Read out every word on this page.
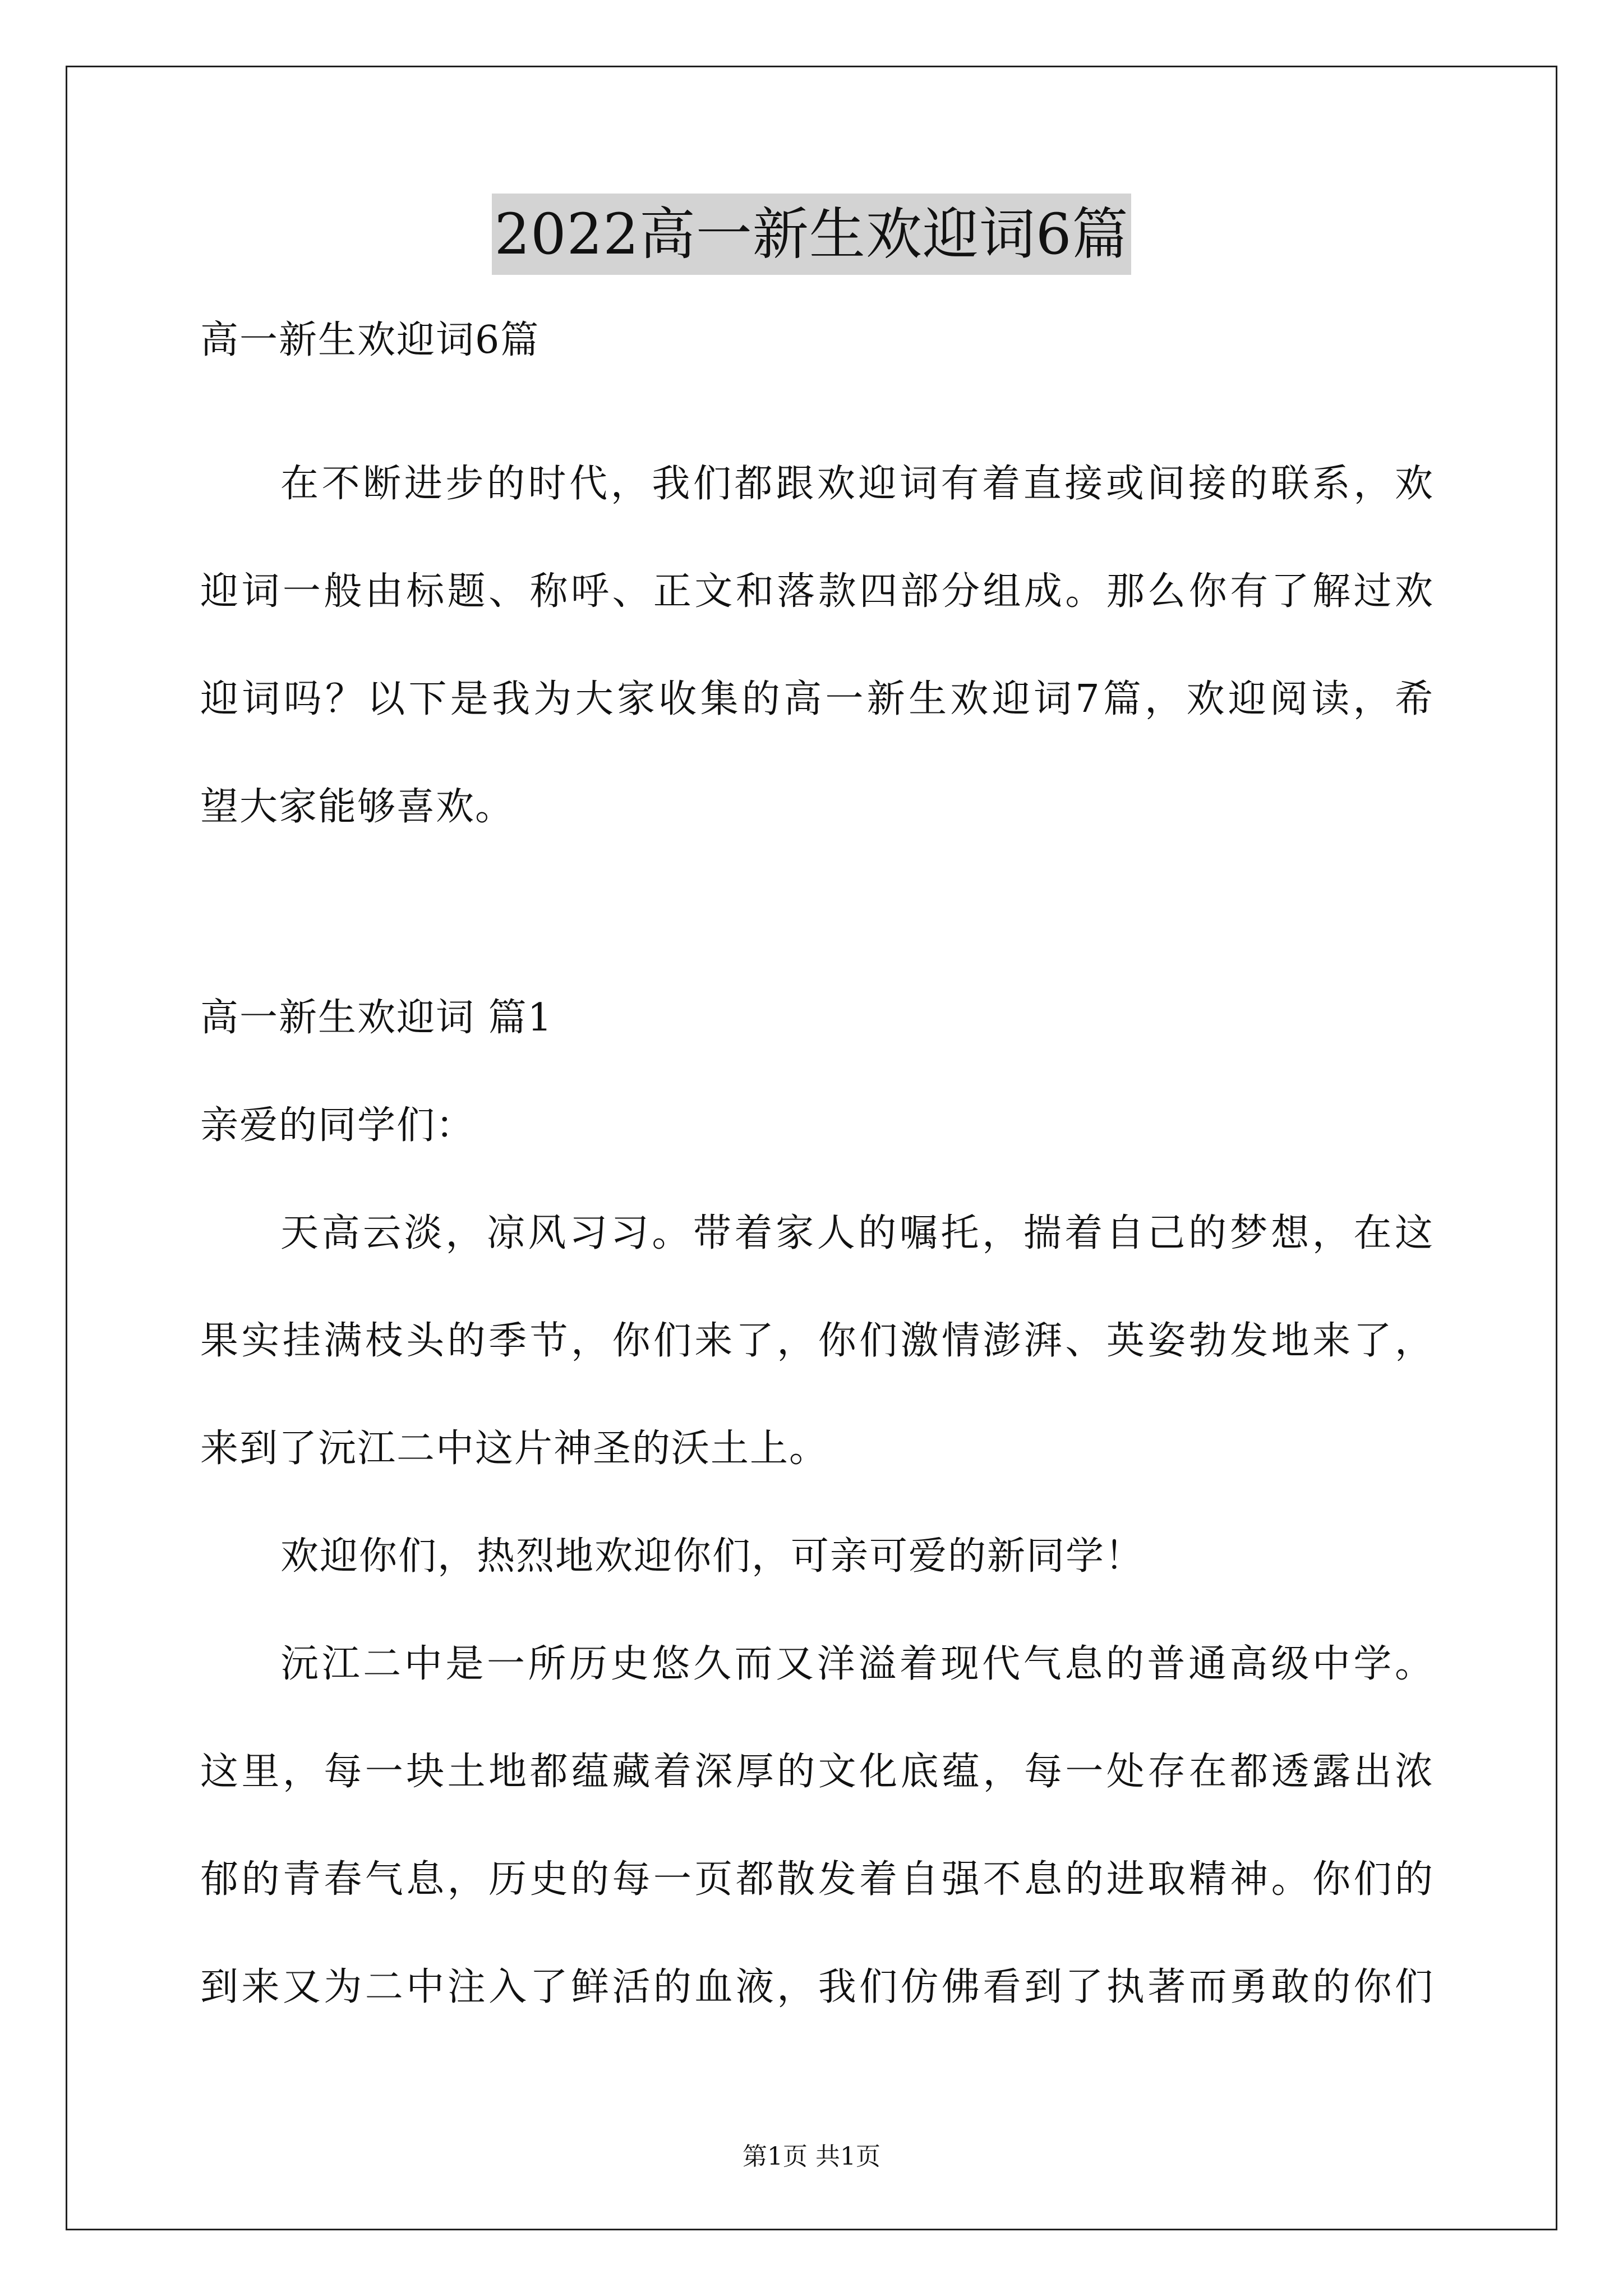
2022高一新生欢迎词6篇
高一新生欢迎词6篇
在不断进步的时代，我们都跟欢迎词有着直接或间接的联系，欢
迎词一般由标题、称呼、正文和落款四部分组成。那么你有了解过欢
迎词吗？以下是我为大家收集的高一新生欢迎词7篇，欢迎阅读，希
望大家能够喜欢。
高一新生欢迎词 篇1
亲爱的同学们：
天高云淡，凉风习习。带着家人的嘱托，揣着自己的梦想，在这
果实挂满枝头的季节，你们来了，你们激情澎湃、英姿勃发地来了，
来到了沅江二中这片神圣的沃土上。
欢迎你们，热烈地欢迎你们，可亲可爱的新同学！
沅江二中是一所历史悠久而又洋溢着现代气息的普通高级中学。
这里，每一块土地都蕴藏着深厚的文化底蕴，每一处存在都透露出浓
郁的青春气息，历史的每一页都散发着自强不息的进取精神。你们的
到来又为二中注入了鲜活的血液，我们仿佛看到了执著而勇敢的你们
第1页 共1页
